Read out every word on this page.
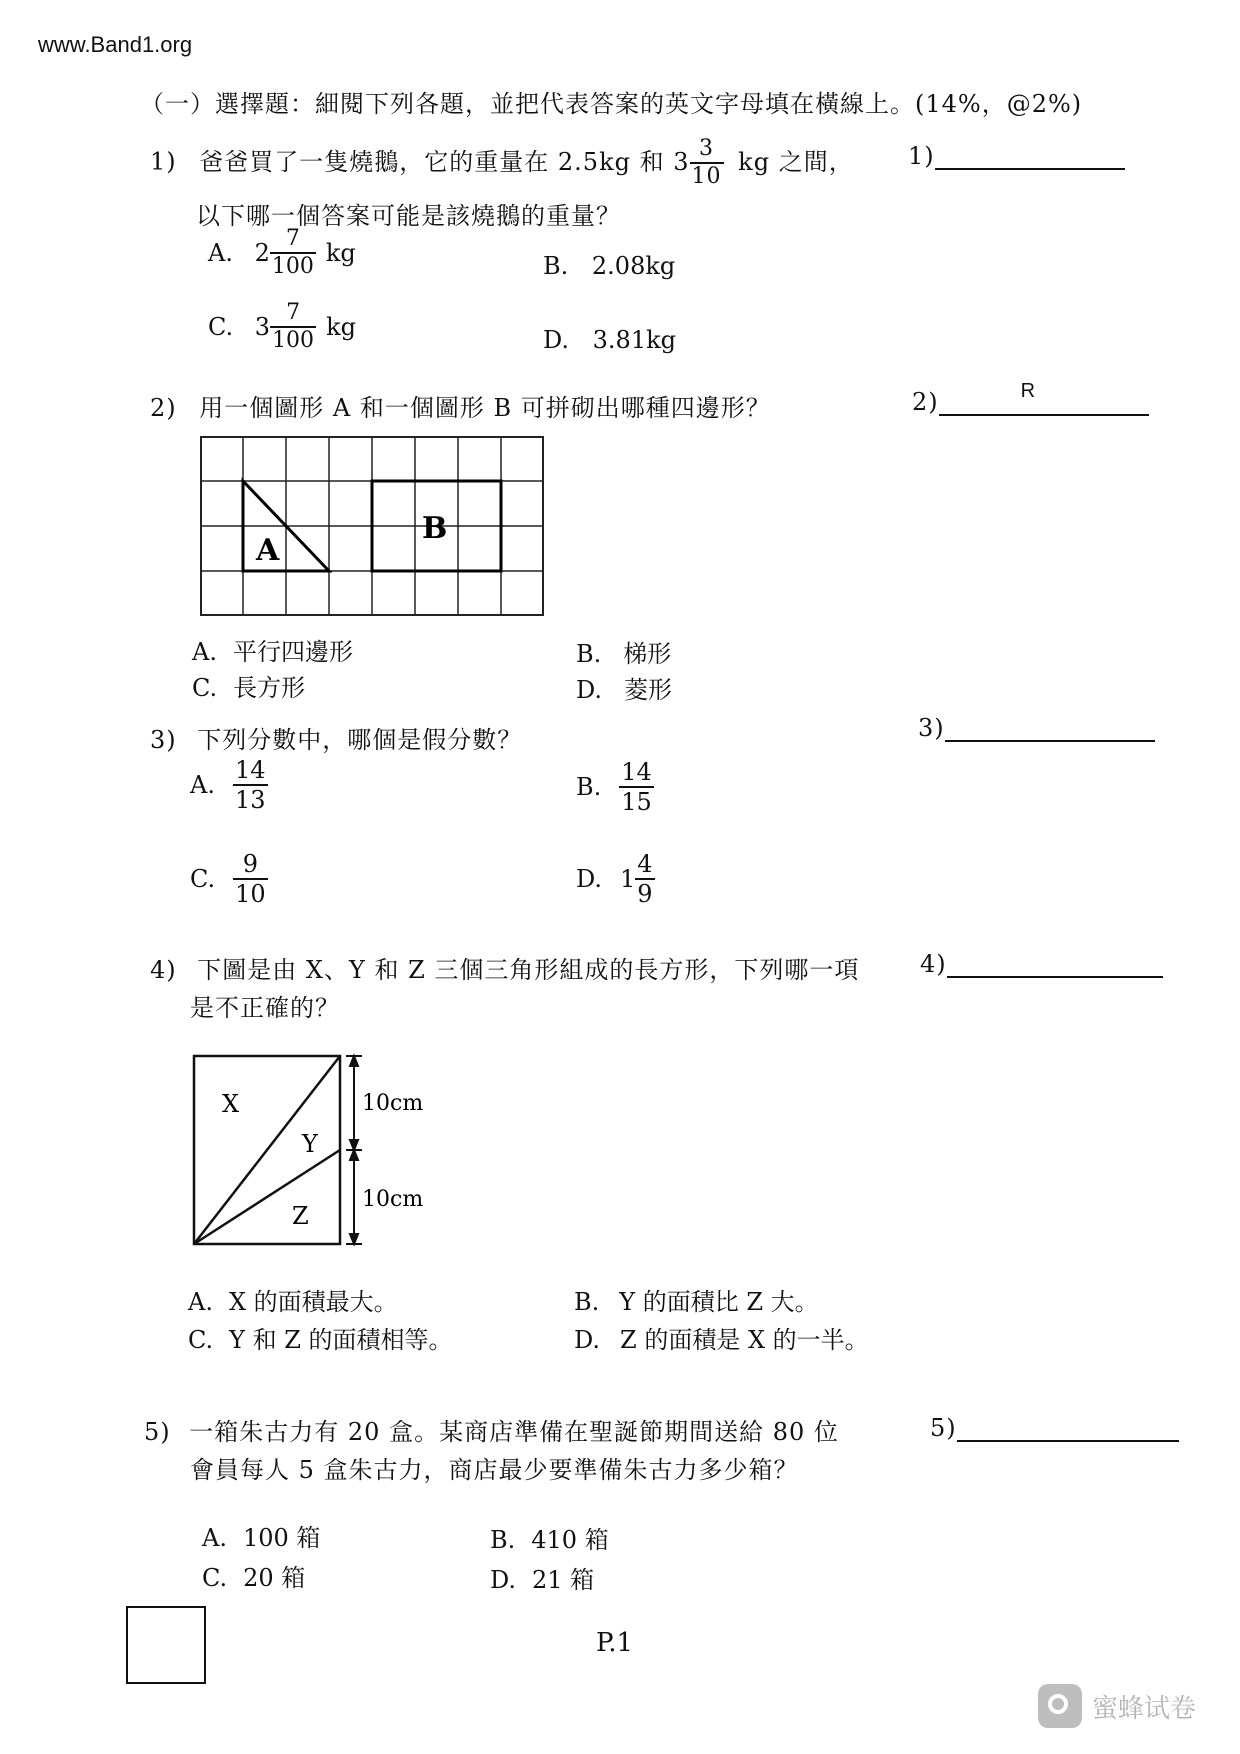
www.Band1.org
（一）選擇題：細閱下列各題，並把代表答案的英文字母填在橫線上。(14%，@2%)
1) 爸爸買了一隻燒鵝，它的重量在 2.5kg 和 $3 \frac{3}{10}$ kg 之間，
以下哪一個答案可能是該燒鵝的重量？
1)
A. $2 \frac{7}{100}$ kg	B. 2.08kg
C. $3 \frac{7}{100}$ kg	D. 3.81kg
2) 用一個圖形 A 和一個圖形 B 可拼砌出哪種四邊形？	2)	R
A
B
A. 平行四邊形	B. 梯形
C. 長方形	D. 菱形
3) 下列分數中，哪個是假分數？	3)
A. $\frac{14}{13}$	B. $\frac{14}{15}$
C. $\frac{9}{10}$	D. $1 \frac{4}{9}$
4) 下圖是由 X、Y 和 Z 三個三角形組成的長方形，下列哪一項
是不正確的？
4)
X
Y
Z
10cm
10cm
A. X 的面積最大。	B. Y 的面積比 Z 大。
C. Y 和 Z 的面積相等。	D. Z 的面積是 X 的一半。
5) 一箱朱古力有 20 盒。某商店準備在聖誕節期間送給 80 位
會員每人 5 盒朱古力，商店最少要準備朱古力多少箱？
5)
A. 100 箱	B. 410 箱
C. 20 箱	D. 21 箱
P.1
蜜蜂试卷
